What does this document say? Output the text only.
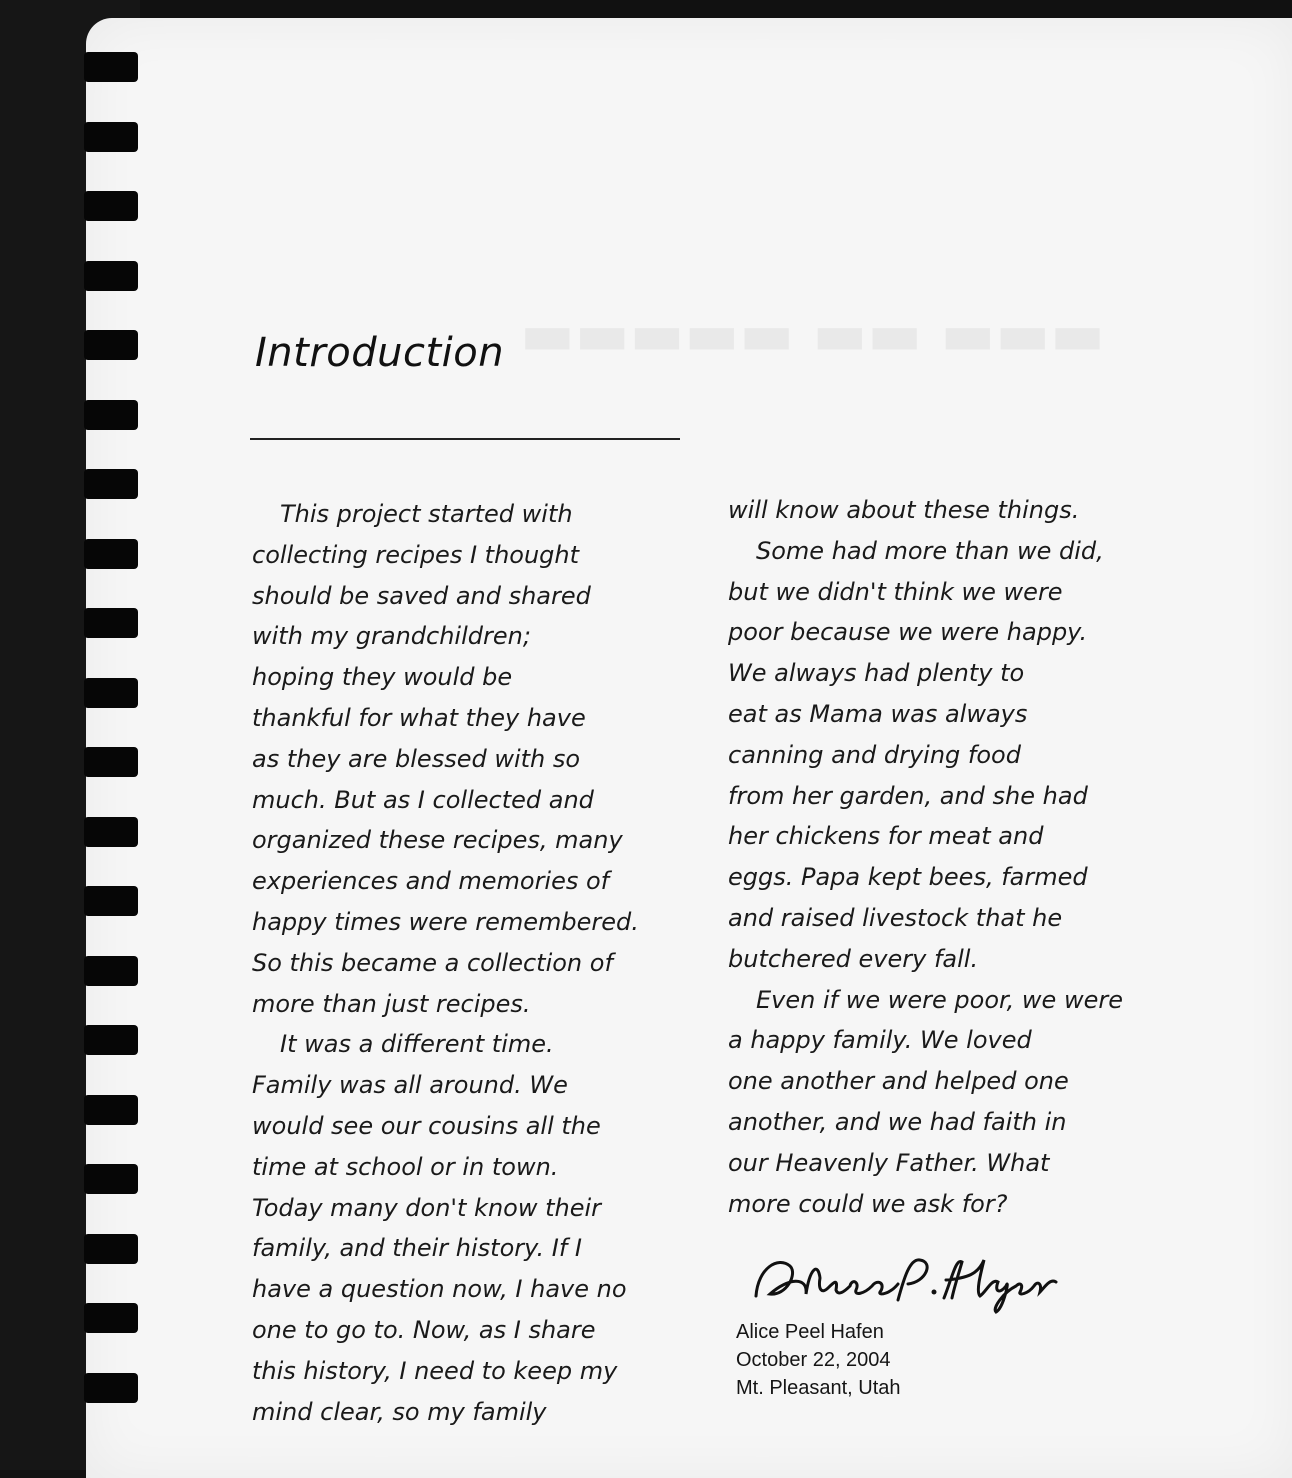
▬▬▬ ▬▬ ▬▬▬▬▬
Introduction
This project started with
collecting recipes I thought
should be saved and shared
with my grandchildren;
hoping they would be
thankful for what they have
as they are blessed with so
much. But as I collected and
organized these recipes, many
experiences and memories of
happy times were remembered.
So this became a collection of
more than just recipes.
It was a different time.
Family was all around. We
would see our cousins all the
time at school or in town.
Today many don't know their
family, and their history. If I
have a question now, I have no
one to go to. Now, as I share
this history, I need to keep my
mind clear, so my family
will know about these things.
Some had more than we did,
but we didn't think we were
poor because we were happy.
We always had plenty to
eat as Mama was always
canning and drying food
from her garden, and she had
her chickens for meat and
eggs. Papa kept bees, farmed
and raised livestock that he
butchered every fall.
Even if we were poor, we were
a happy family. We loved
one another and helped one
another, and we had faith in
our Heavenly Father. What
more could we ask for?
Alice Peel Hafen
October 22, 2004
Mt. Pleasant, Utah
